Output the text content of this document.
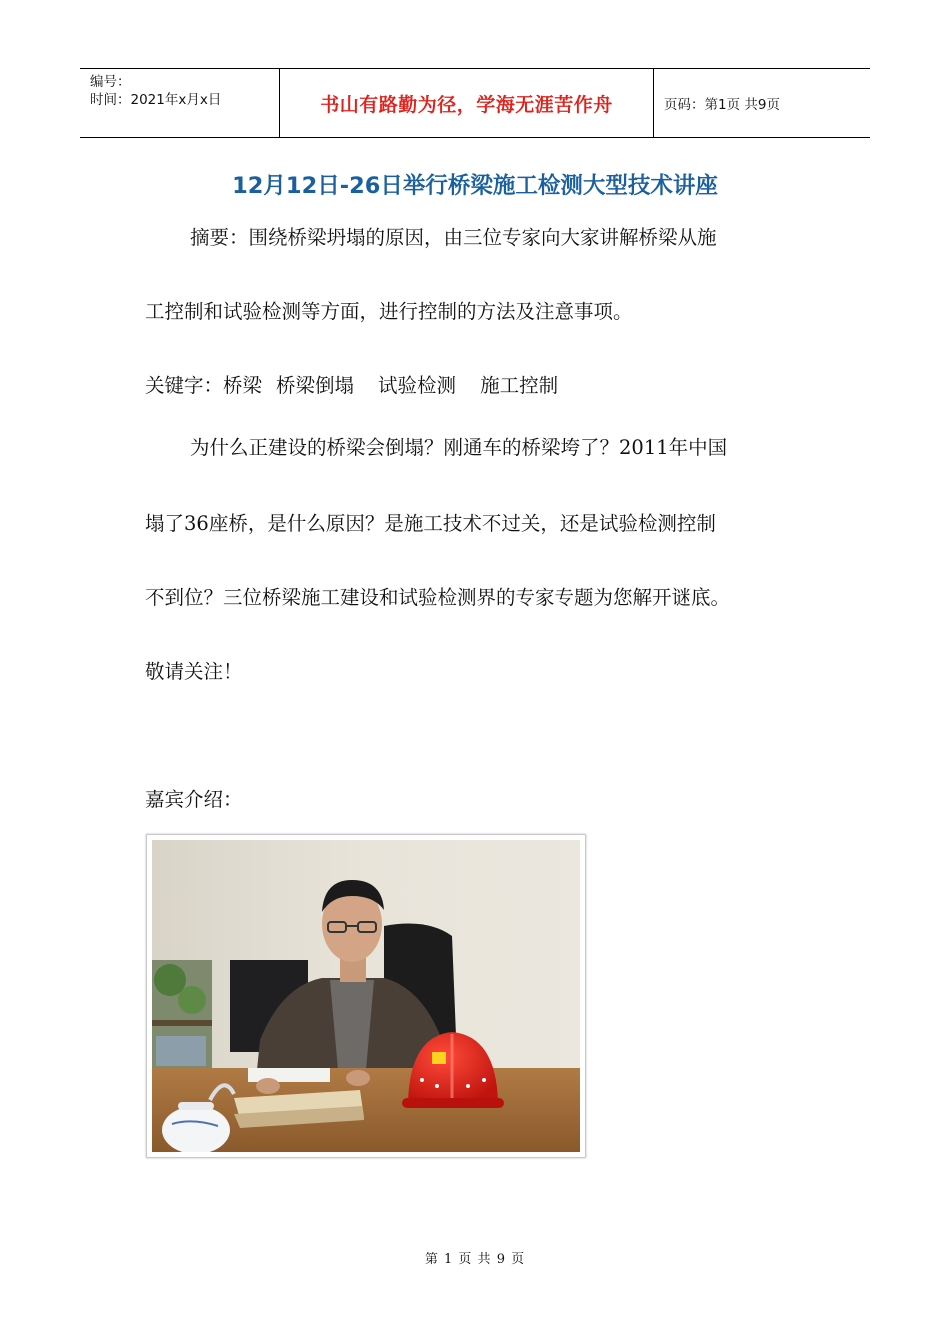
编号：
时间：2021年x月x日	书山有路勤为径，学海无涯苦作舟	页码：第1页 共9页
12月12日-26日举行桥梁施工检测大型技术讲座
摘要：围绕桥梁坍塌的原因，由三位专家向大家讲解桥梁从施
工控制和试验检测等方面，进行控制的方法及注意事项。
关键字：桥梁 桥梁倒塌 试验检测 施工控制
为什么正建设的桥梁会倒塌？刚通车的桥梁垮了？2011年中国
塌了36座桥，是什么原因？是施工技术不过关，还是试验检测控制
不到位？三位桥梁施工建设和试验检测界的专家专题为您解开谜底。
敬请关注！
嘉宾介绍：
第 1 页 共 9 页
